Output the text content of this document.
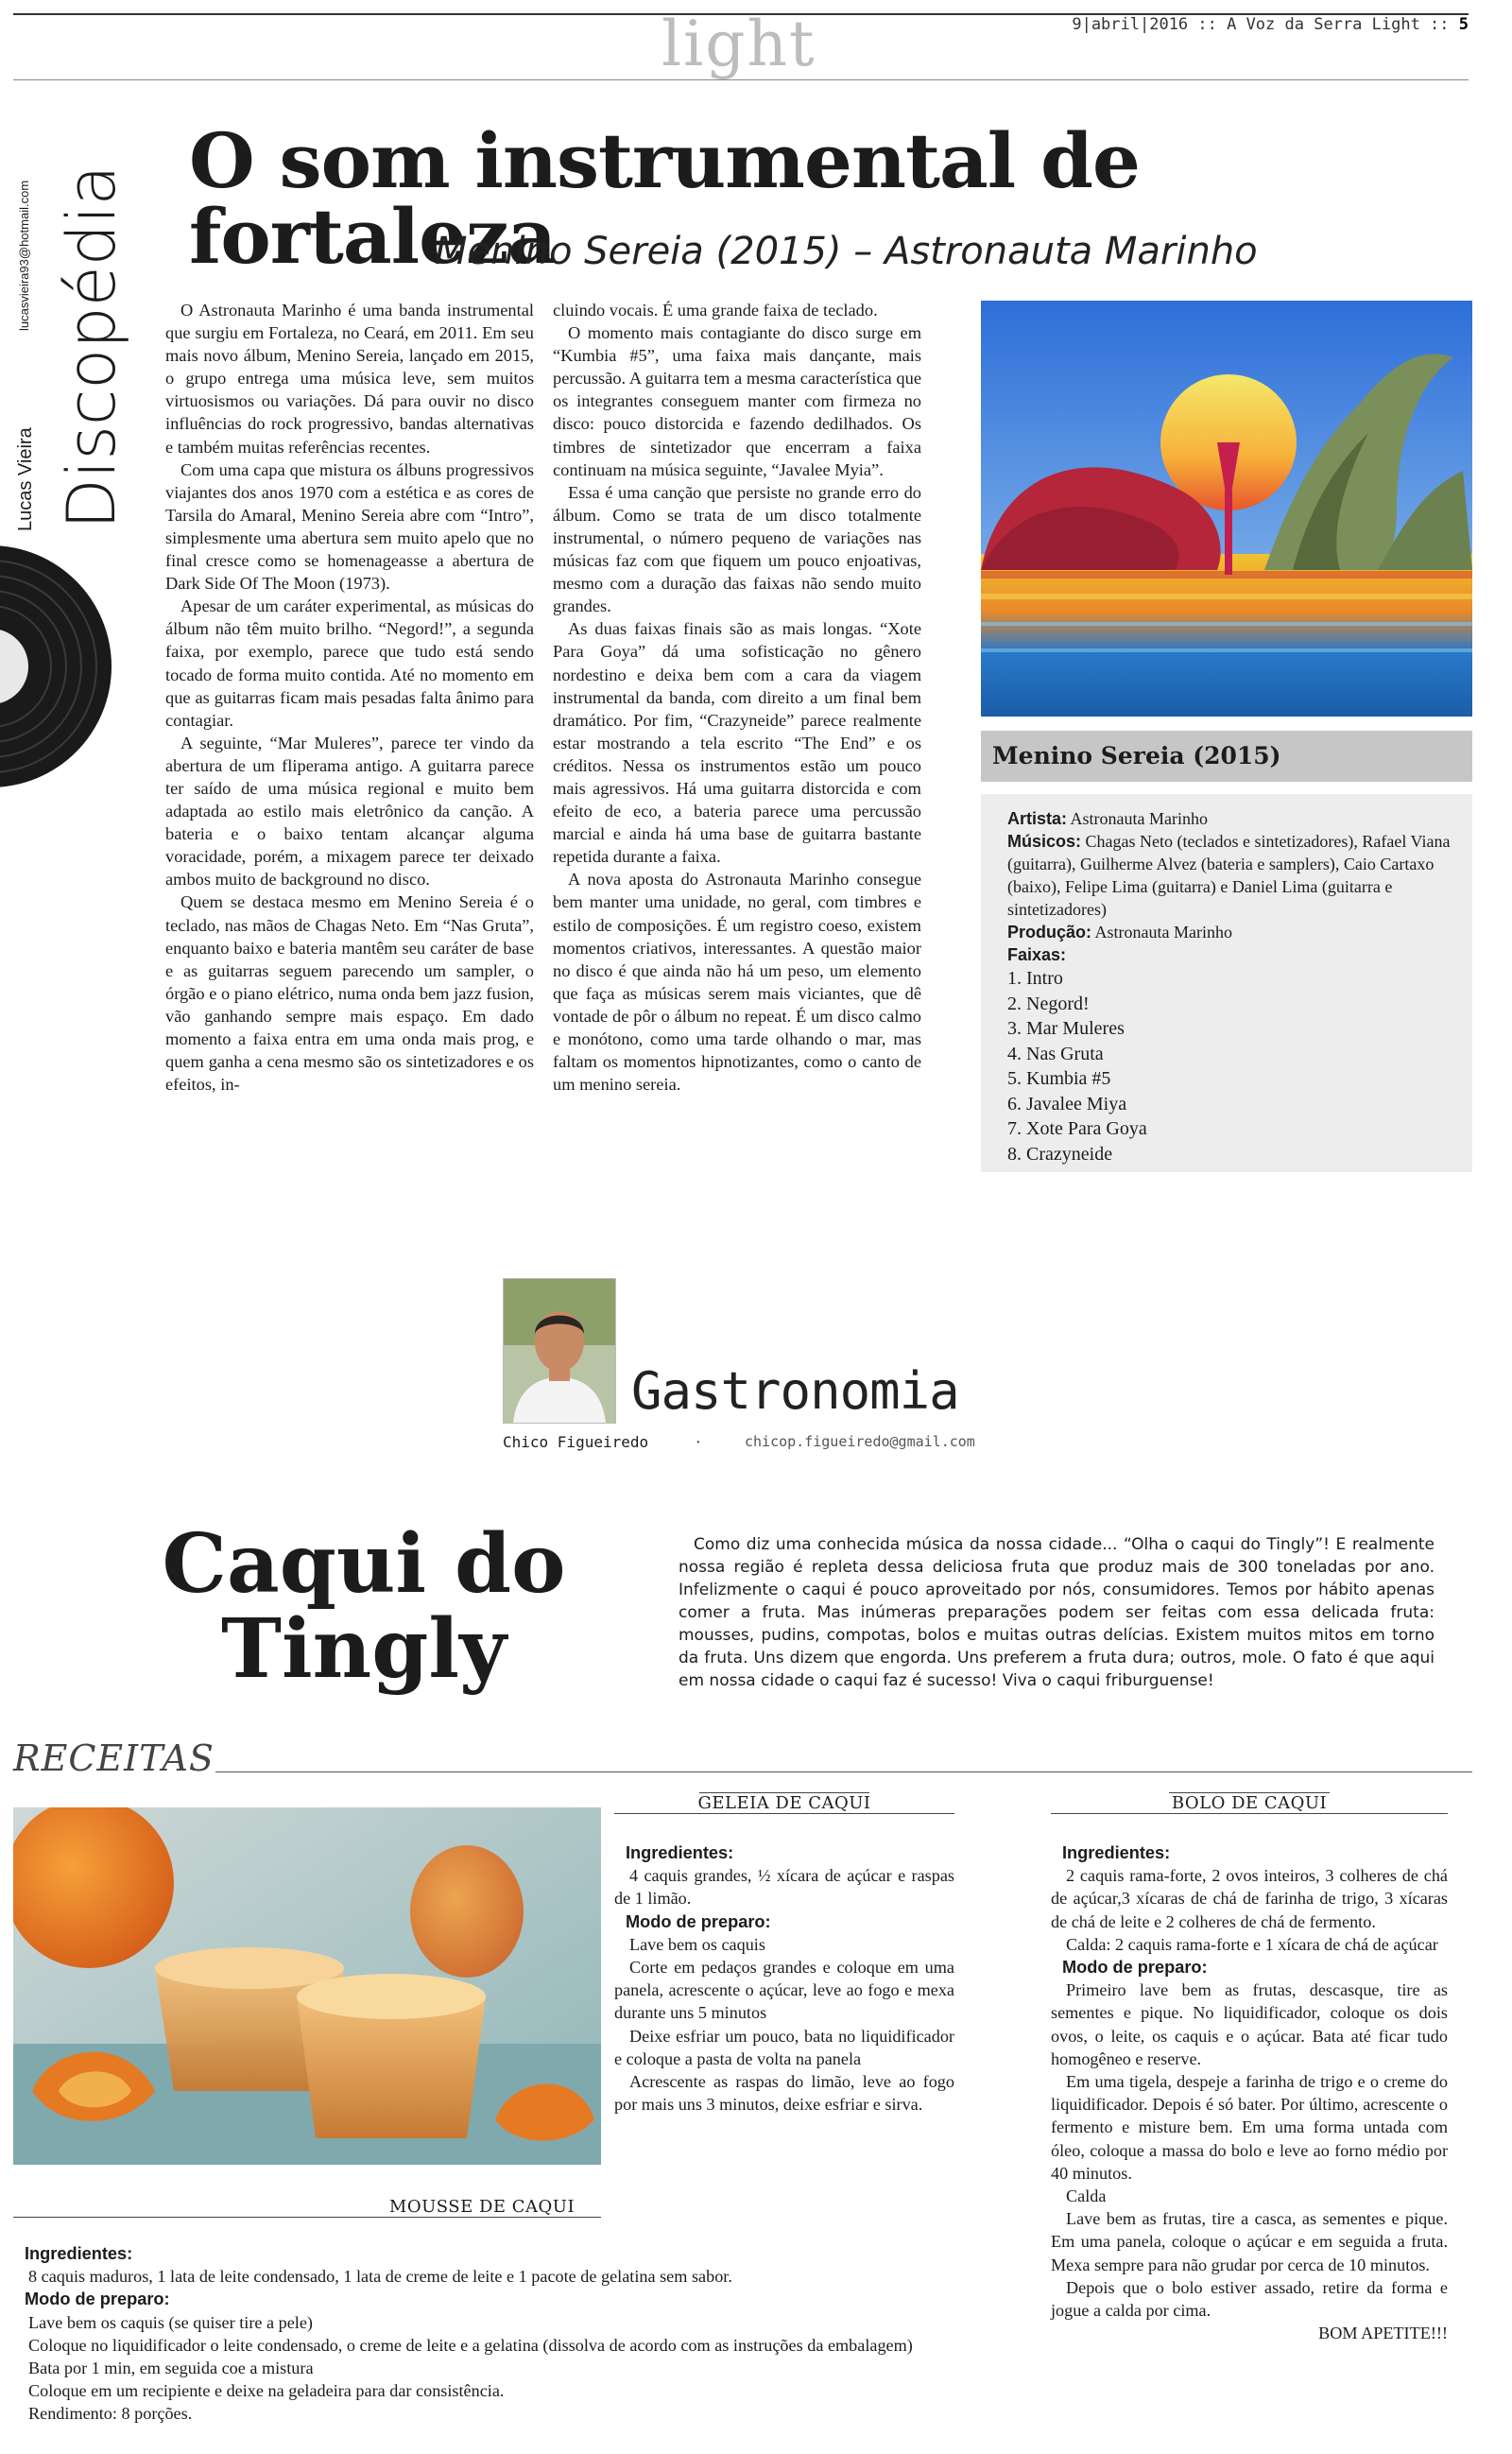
light	9|abril|2016 :: A Voz da Serra Light :: 5
lucasvieira93@hotmail.com
Lucas Vieira Discopédia
O som instrumental de fortaleza
Menino Sereia (2015) – Astronauta Marinho

O Astronauta Marinho é uma banda instrumental que surgiu em Fortaleza, no Ceará, em 2011. Em seu mais novo álbum, Menino Sereia, lançado em 2015, o grupo entrega uma música leve, sem muitos virtuosismos ou variações. Dá para ouvir no disco influências do rock progressivo, bandas alternativas e também muitas referências recentes.

Com uma capa que mistura os álbuns progressivos viajantes dos anos 1970 com a estética e as cores de Tarsila do Amaral, Menino Sereia abre com “Intro”, simplesmente uma abertura sem muito apelo que no final cresce como se homenageasse a abertura de Dark Side Of The Moon (1973).

Apesar de um caráter experimental, as músicas do álbum não têm muito brilho. “Negord!”, a segunda faixa, por exemplo, parece que tudo está sendo tocado de forma muito contida. Até no momento em que as guitarras ficam mais pesadas falta ânimo para contagiar.

A seguinte, “Mar Muleres”, parece ter vindo da abertura de um fliperama antigo. A guitarra parece ter saído de uma música regional e muito bem adaptada ao estilo mais eletrônico da canção. A bateria e o baixo tentam alcançar alguma voracidade, porém, a mixagem parece ter deixado ambos muito de background no disco.

Quem se destaca mesmo em Menino Sereia é o teclado, nas mãos de Chagas Neto. Em “Nas Gruta”, enquanto baixo e bateria mantêm seu caráter de base e as guitarras seguem parecendo um sampler, o órgão e o piano elétrico, numa onda bem jazz fusion, vão ganhando sempre mais espaço. Em dado momento a faixa entra em uma onda mais prog, e quem ganha a cena mesmo são os sintetizadores e os efeitos, in-

cluindo vocais. É uma grande faixa de teclado.

O momento mais contagiante do disco surge em “Kumbia #5”, uma faixa mais dançante, mais percussão. A guitarra tem a mesma característica que os integrantes conseguem manter com firmeza no disco: pouco distorcida e fazendo dedilhados. Os timbres de sintetizador que encerram a faixa continuam na música seguinte, “Javalee Myia”.

Essa é uma canção que persiste no grande erro do álbum. Como se trata de um disco totalmente instrumental, o número pequeno de variações nas músicas faz com que fiquem um pouco enjoativas, mesmo com a duração das faixas não sendo muito grandes.

As duas faixas finais são as mais longas. “Xote Para Goya” dá uma sofisticação no gênero nordestino e deixa bem com a cara da viagem instrumental da banda, com direito a um final bem dramático. Por fim, “Crazyneide” parece realmente estar mostrando a tela escrito “The End” e os créditos. Nessa os instrumentos estão um pouco mais agressivos. Há uma guitarra distorcida e com efeito de eco, a bateria parece uma percussão marcial e ainda há uma base de guitarra bastante repetida durante a faixa.

A nova aposta do Astronauta Marinho consegue bem manter uma unidade, no geral, com timbres e estilo de composições. É um registro coeso, existem momentos criativos, interessantes. A questão maior no disco é que ainda não há um peso, um elemento que faça as músicas serem mais viciantes, que dê vontade de pôr o álbum no repeat. É um disco calmo e monótono, como uma tarde olhando o mar, mas faltam os momentos hipnotizantes, como o canto de um menino sereia.

Menino Sereia (2015)
Artista: Astronauta Marinho
Músicos: Chagas Neto (teclados e sintetizadores), Rafael Viana (guitarra), Guilherme Alvez (bateria e samplers), Caio Cartaxo (baixo), Felipe Lima (guitarra) e Daniel Lima (guitarra e sintetizadores)
Produção: Astronauta Marinho
Faixas:
1. Intro
2. Negord!
3. Mar Muleres
4. Nas Gruta
5. Kumbia #5
6. Javalee Miya
7. Xote Para Goya
8. Crazyneide
Gastronomia
Chico Figueiredo	·	chicop.figueiredo@gmail.com
Caqui do
Tingly

Como diz uma conhecida música da nossa cidade... “Olha o caqui do Tingly”! E realmente nossa região é repleta dessa deliciosa fruta que produz mais de 300 toneladas por ano. Infelizmente o caqui é pouco aproveitado por nós, consumidores. Temos por hábito apenas comer a fruta. Mas inúmeras preparações podem ser feitas com essa delicada fruta: mousses, pudins, compotas, bolos e muitas outras delícias. Existem muitos mitos em torno da fruta. Uns dizem que engorda. Uns preferem a fruta dura; outros, mole. O fato é que aqui em nossa cidade o caqui faz é sucesso! Viva o caqui friburguense!

RECEITAS
GELEIA DE CAQUI

Ingredientes:

4 caquis grandes, ½ xícara de açúcar e raspas de 1 limão.

Modo de preparo:

Lave bem os caquis

Corte em pedaços grandes e coloque em uma panela, acrescente o açúcar, leve ao fogo e mexa durante uns 5 minutos

Deixe esfriar um pouco, bata no liquidificador e coloque a pasta de volta na panela

Acrescente as raspas do limão, leve ao fogo por mais uns 3 minutos, deixe esfriar e sirva.

BOLO DE CAQUI

Ingredientes:

2 caquis rama-forte, 2 ovos inteiros, 3 colheres de chá de açúcar,3 xícaras de chá de farinha de trigo, 3 xícaras de chá de leite e 2 colheres de chá de fermento.

Calda: 2 caquis rama-forte e 1 xícara de chá de açúcar

Modo de preparo:

Primeiro lave bem as frutas, descasque, tire as sementes e pique. No liquidificador, coloque os dois ovos, o leite, os caquis e o açúcar. Bata até ficar tudo homogêneo e reserve.

Em uma tigela, despeje a farinha de trigo e o creme do liquidificador. Depois é só bater. Por último, acrescente o fermento e misture bem. Em uma forma untada com óleo, coloque a massa do bolo e leve ao forno médio por 40 minutos.

Calda

Lave bem as frutas, tire a casca, as sementes e pique. Em uma panela, coloque o açúcar e em seguida a fruta. Mexa sempre para não grudar por cerca de 10 minutos.

Depois que o bolo estiver assado, retire da forma e jogue a calda por cima.

BOM APETITE!!!

MOUSSE DE CAQUI

Ingredientes:

8 caquis maduros, 1 lata de leite condensado, 1 lata de creme de leite e 1 pacote de gelatina sem sabor.

Modo de preparo:

Lave bem os caquis (se quiser tire a pele)

Coloque no liquidificador o leite condensado, o creme de leite e a gelatina (dissolva de acordo com as instruções da embalagem)

Bata por 1 min, em seguida coe a mistura

Coloque em um recipiente e deixe na geladeira para dar consistência.

Rendimento: 8 porções.
